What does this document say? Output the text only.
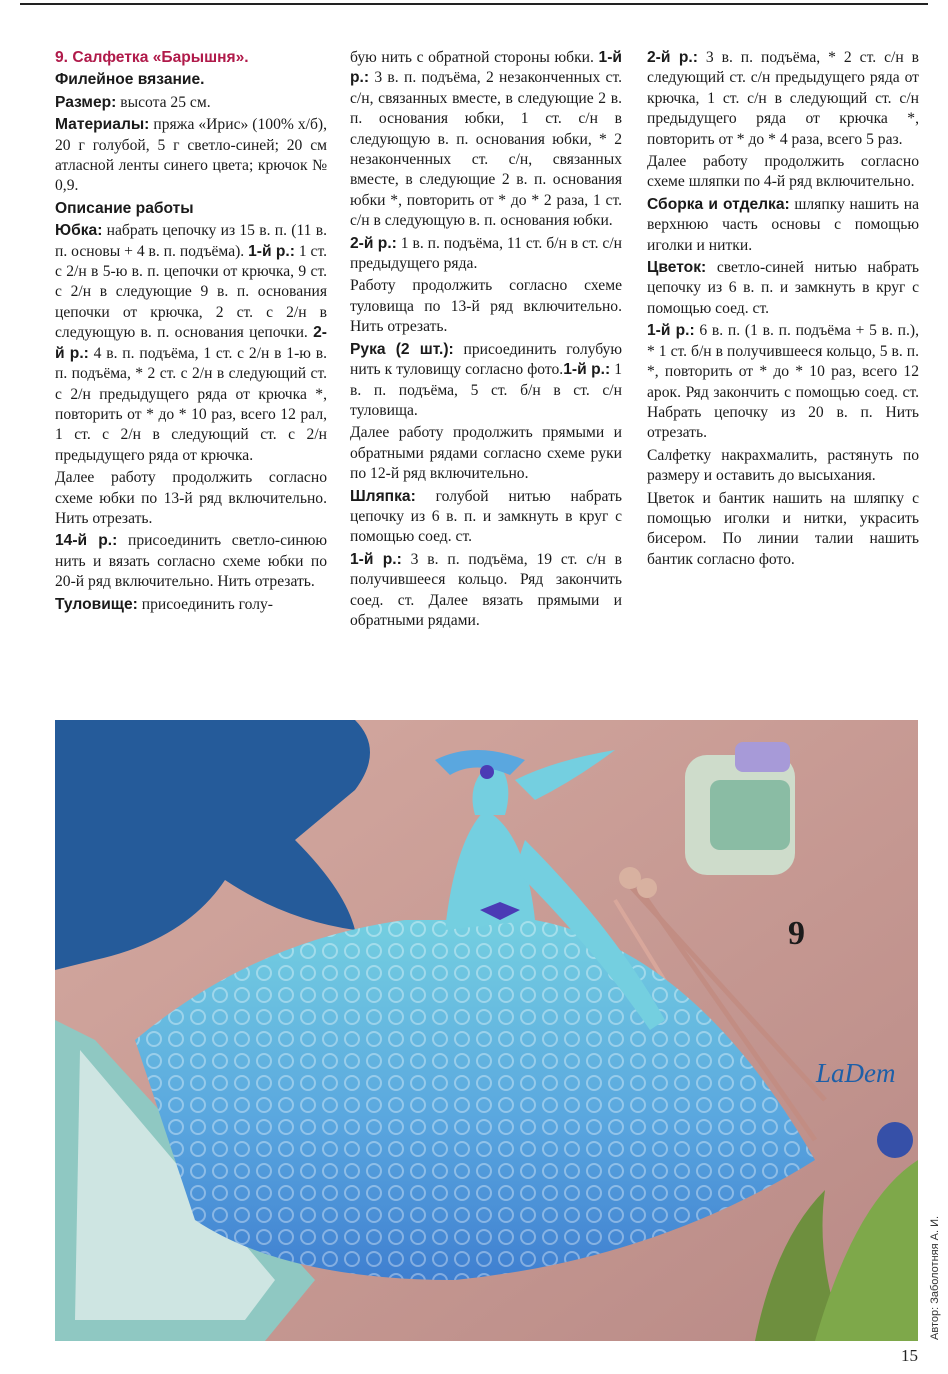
9. Салфетка «Барышня».

Филейное вязание.

Размер: высота 25 см.

Материалы: пряжа «Ирис» (100% х/б), 20 г голубой, 5 г светло-синей; 20 см атласной ленты синего цвета; крючок № 0,9.

Описание работы

Юбка: набрать цепочку из 15 в. п. (11 в. п. основы + 4 в. п. подъёма). 1-й р.: 1 ст. с 2/н в 5-ю в. п. цепочки от крючка, 9 ст. с 2/н в следующие 9 в. п. основания цепочки от крючка, 2 ст. с 2/н в следующую в. п. основания цепочки. 2-й р.: 4 в. п. подъёма, 1 ст. с 2/н в 1-ю в. п. подъёма, * 2 ст. с 2/н в следующий ст. с 2/н предыдущего ряда от крючка *, повторить от * до * 10 раз, всего 12 рал, 1 ст. с 2/н в следующий ст. с 2/н предыдущего ряда от крючка.

Далее работу продолжить согласно схеме юбки по 13-й ряд включительно. Нить отрезать.

14-й р.: присоединить светло-синюю нить и вязать согласно схеме юбки по 20-й ряд включительно. Нить отрезать.

Туловище: присоединить голу-

бую нить с обратной стороны юбки. 1-й р.: 3 в. п. подъёма, 2 незаконченных ст. с/н, связанных вместе, в следующие 2 в. п. основания юбки, 1 ст. с/н в следующую в. п. основания юбки, * 2 незаконченных ст. с/н, связанных вместе, в следующие 2 в. п. основания юбки *, повторить от * до * 2 раза, 1 ст. с/н в следующую в. п. основания юбки.

2-й р.: 1 в. п. подъёма, 11 ст. б/н в ст. с/н предыдущего ряда.

Работу продолжить согласно схеме туловища по 13-й ряд включительно. Нить отрезать.

Рука (2 шт.): присоединить голубую нить к туловищу согласно фото.1-й р.: 1 в. п. подъёма, 5 ст. б/н в ст. с/н туловища.

Далее работу продолжить прямыми и обратными рядами согласно схеме руки по 12-й ряд включительно.

Шляпка: голубой нитью набрать цепочку из 6 в. п. и замкнуть в круг с помощью соед. ст.

1-й р.: 3 в. п. подъёма, 19 ст. с/н в получившееся кольцо. Ряд закончить соед. ст. Далее вязать прямыми и обратными рядами.

2-й р.: 3 в. п. подъёма, * 2 ст. с/н в следующий ст. с/н предыдущего ряда от крючка, 1 ст. с/н в следующий ст. с/н предыдущего ряда от крючка *, повторить от * до * 4 раза, всего 5 раз.

Далее работу продолжить согласно схеме шляпки по 4-й ряд включительно.

Сборка и отделка: шляпку нашить на верхнюю часть основы с помощью иголки и нитки.

Цветок: светло-синей нитью набрать цепочку из 6 в. п. и замкнуть в круг с помощью соед. ст.

1-й р.: 6 в. п. (1 в. п. подъёма + 5 в. п.), * 1 ст. б/н в получившееся кольцо, 5 в. п. *, повторить от * до * 10 раз, всего 12 арок. Ряд закончить с помощью соед. ст. Набрать цепочку из 20 в. п. Нить отрезать.

Салфетку накрахмалить, растянуть по размеру и оставить до высыхания.

Цветок и бантик нашить на шляпку с помощью иголки и нитки, украсить бисером. По линии талии нашить бантик согласно фото.

9
LaDem
Автор: Заболотняя А. И.
15
